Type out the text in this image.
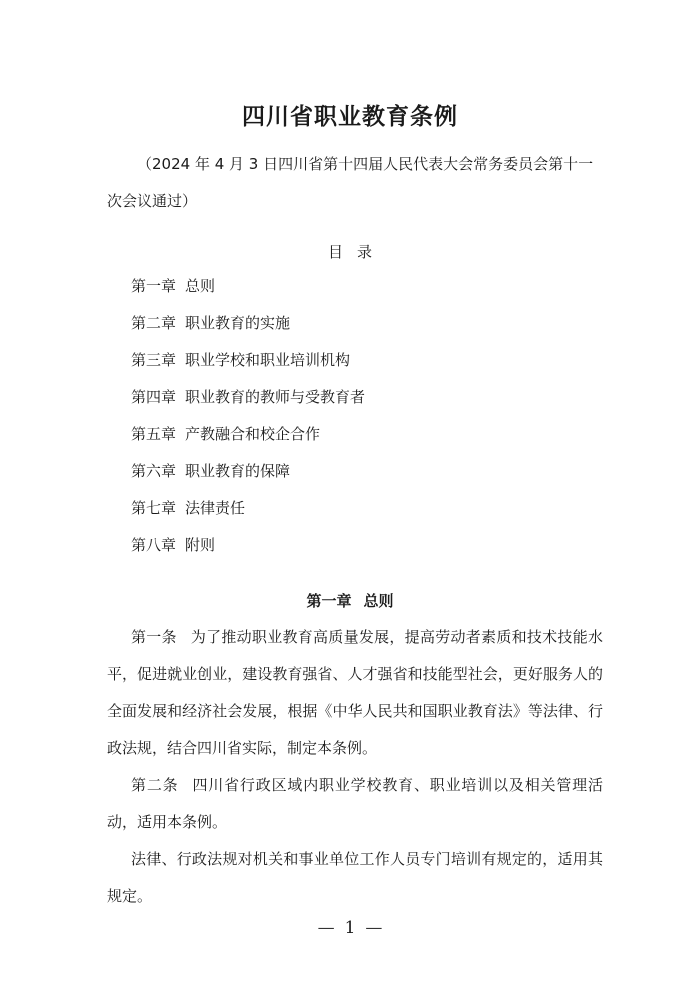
四川省职业教育条例
（2024 年 4 月 3 日四川省第十四届人民代表大会常务委员会第十一次会议通过）
目 录
第一章 总则
第二章 职业教育的实施
第三章 职业学校和职业培训机构
第四章 职业教育的教师与受教育者
第五章 产教融合和校企合作
第六章 职业教育的保障
第七章 法律责任
第八章 附则
第一章 总则

第一条 为了推动职业教育高质量发展，提高劳动者素质和技术技能水平，促进就业创业，建设教育强省、人才强省和技能型社会，更好服务人的全面发展和经济社会发展，根据《中华人民共和国职业教育法》等法律、行政法规，结合四川省实际，制定本条例。

第二条 四川省行政区域内职业学校教育、职业培训以及相关管理活动，适用本条例。

法律、行政法规对机关和事业单位工作人员专门培训有规定的，适用其规定。

— 1 —
